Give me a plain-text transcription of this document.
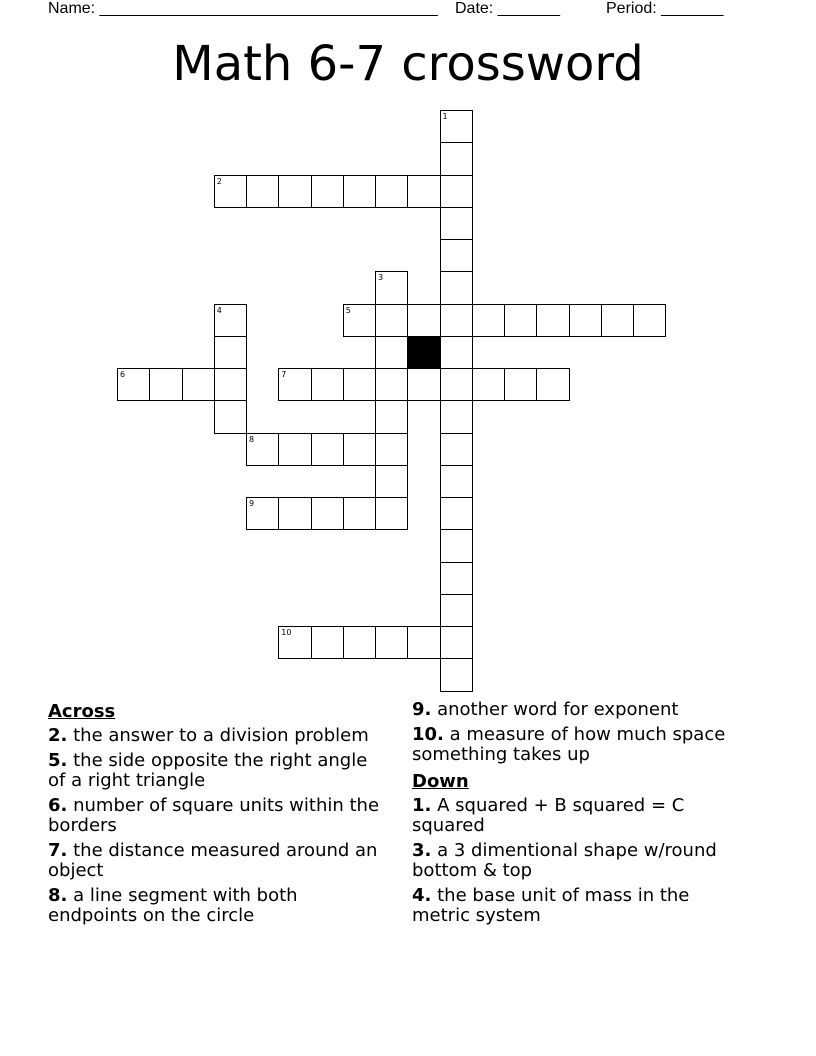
Name: ______________________________________ Date: _______	Period: _______
Math 6-7 crossword
1
2
3
4	5
6	7
8
9
10
Across
2. the answer to a division problem
5. the side opposite the right angle of a right triangle
6. number of square units within the borders
7. the distance measured around an object
8. a line segment with both endpoints on the circle
9. another word for exponent
10. a measure of how much space something takes up
Down
1. A squared + B squared = C squared
3. a 3 dimentional shape w/round bottom & top
4. the base unit of mass in the metric system
